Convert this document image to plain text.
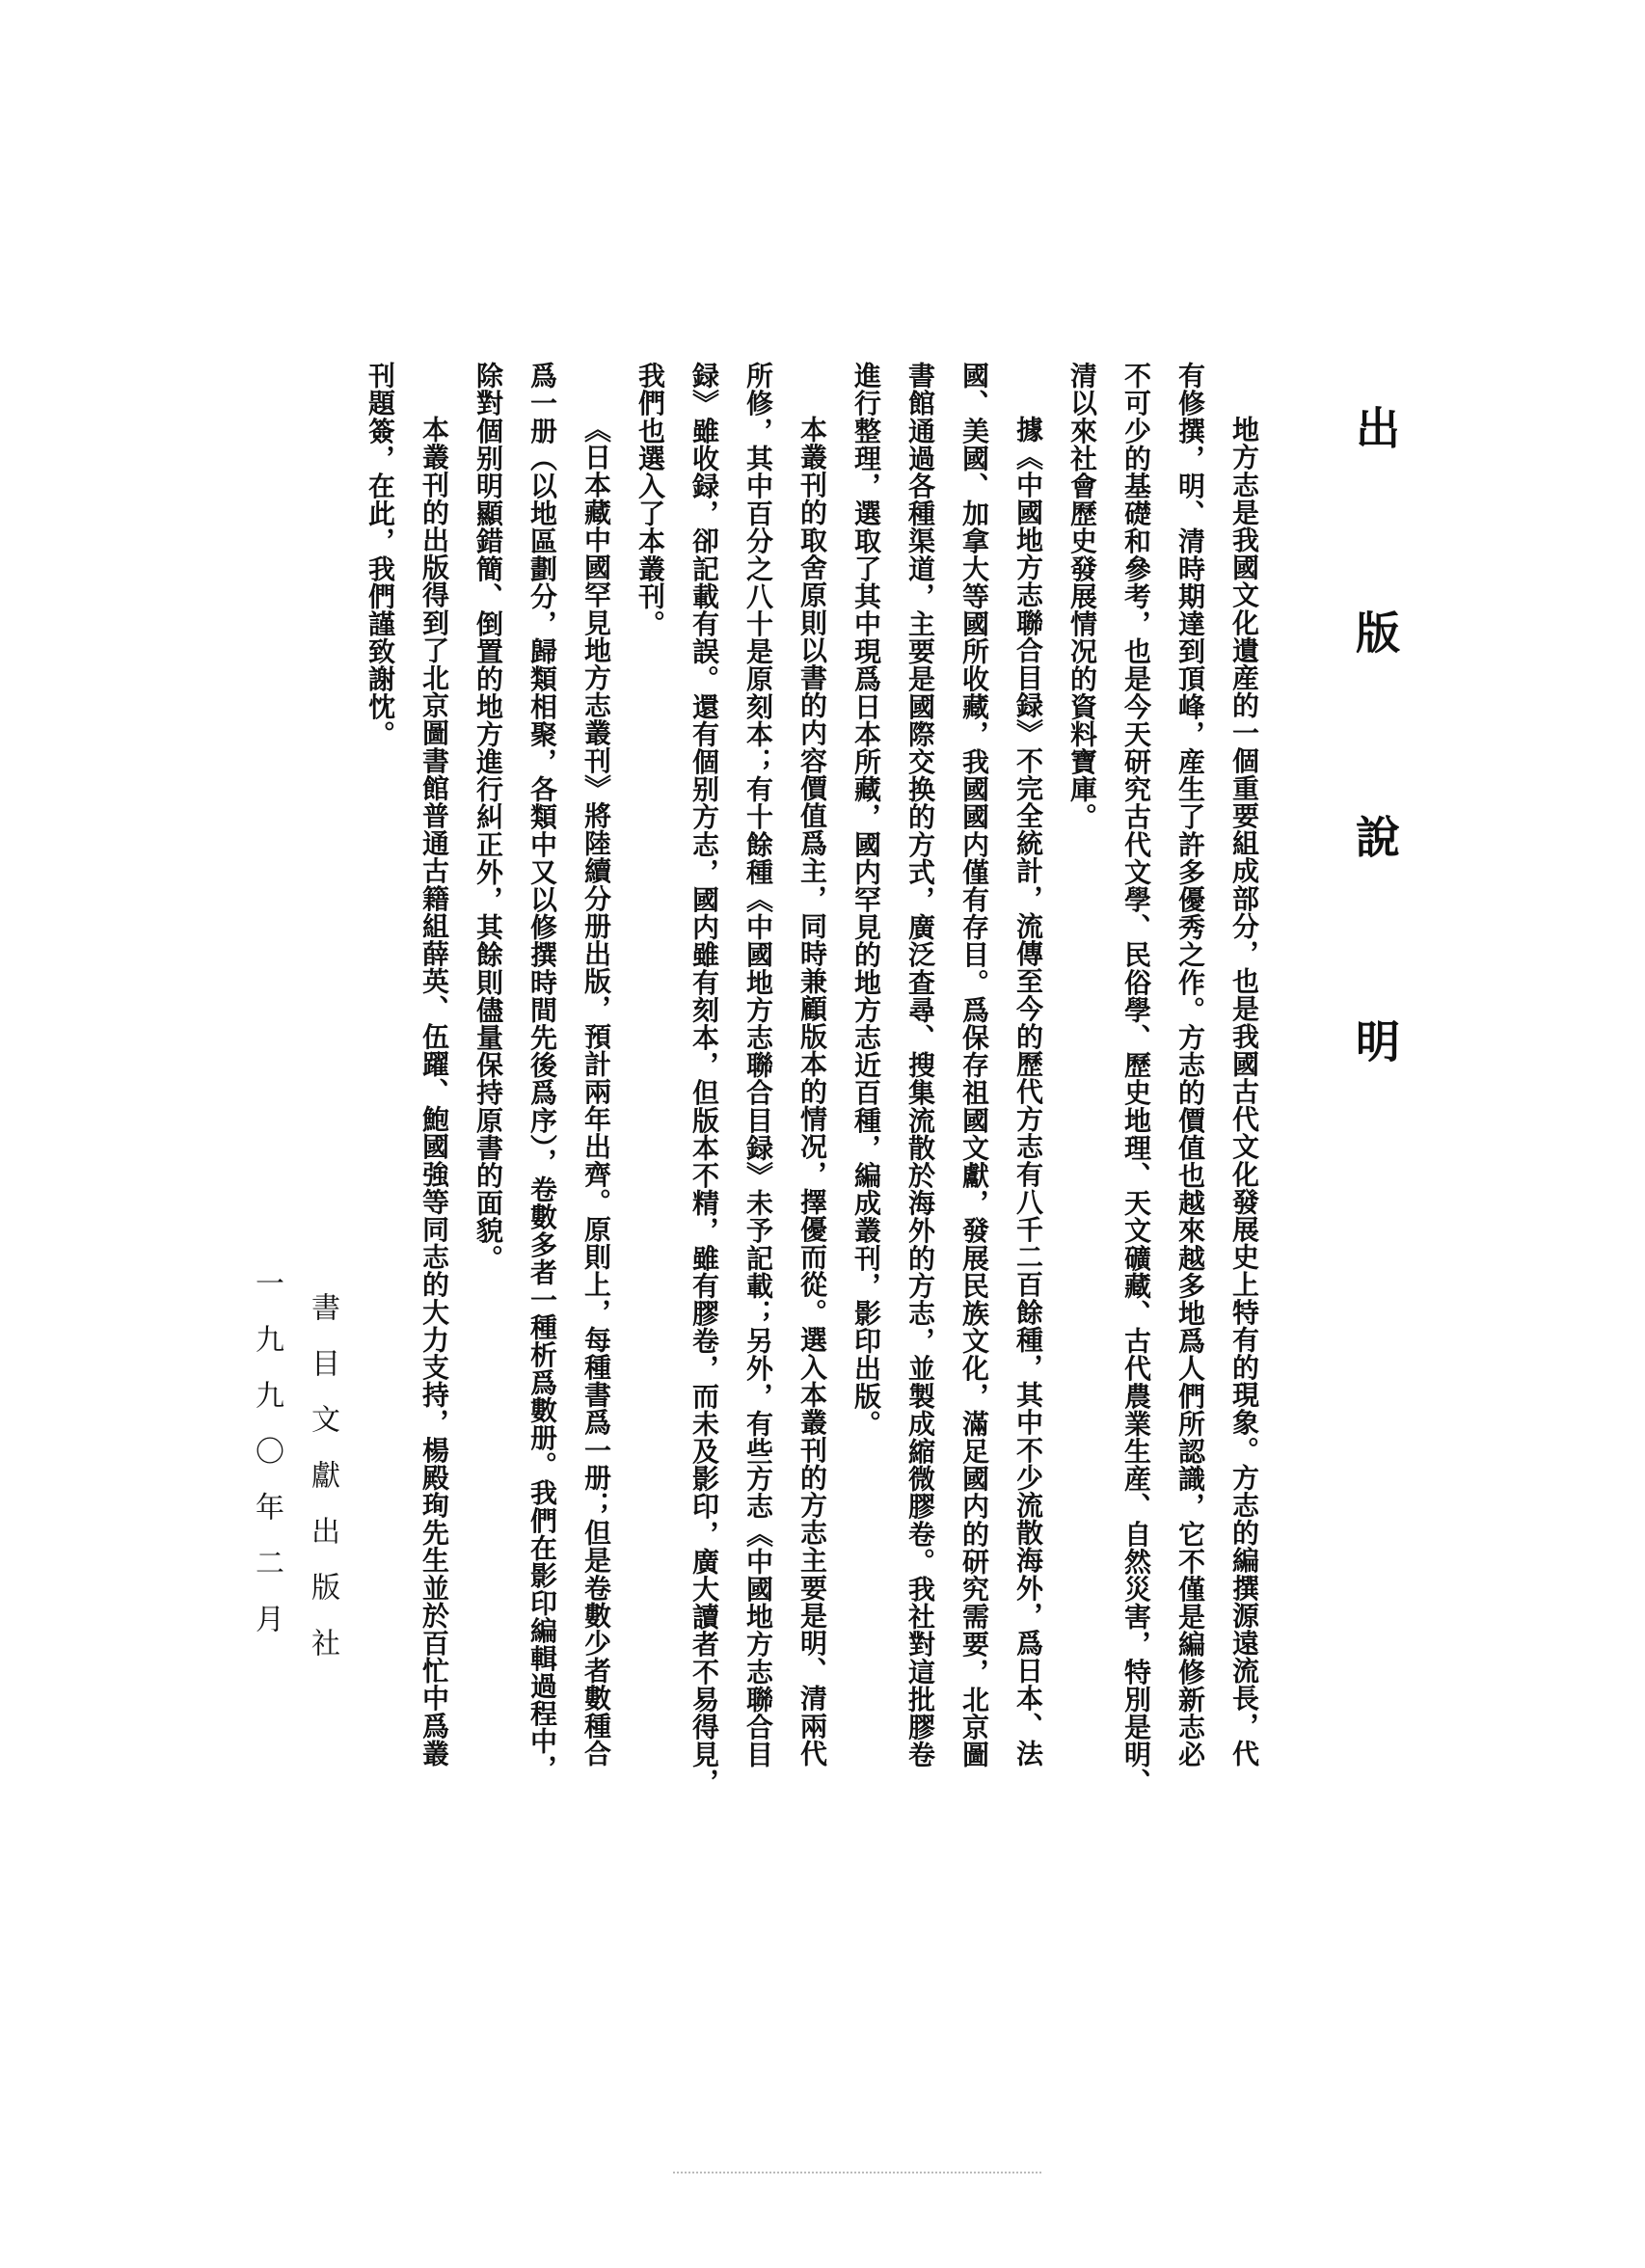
出版說明
地方志是我國文化遺産的一個重要組成部分，也是我國古代文化發展史上特有的現象。方志的編撰源遠流長，代
有修撰，明、清時期達到頂峰，産生了許多優秀之作。方志的價值也越來越多地爲人們所認識，它不僅是編修新志必
不可少的基礎和參考，也是今天研究古代文學、民俗學、歷史地理、天文礦藏、古代農業生産、自然災害，特別是明、
清以來社會歷史發展情况的資料寶庫。
據《中國地方志聯合目録》不完全統計，流傳至今的歷代方志有八千二百餘種，其中不少流散海外，爲日本、法
國、美國、加拿大等國所收藏，我國國内僅有存目。爲保存祖國文獻，發展民族文化，滿足國内的研究需要，北京圖
書館通過各種渠道，主要是國際交换的方式，廣泛查尋、搜集流散於海外的方志，並製成縮微膠卷。我社對這批膠卷
進行整理，選取了其中現爲日本所藏，國内罕見的地方志近百種，編成叢刊，影印出版。
本叢刊的取舍原則以書的内容價值爲主，同時兼顧版本的情况，擇優而從。選入本叢刊的方志主要是明、清兩代
所修，其中百分之八十是原刻本；有十餘種《中國地方志聯合目録》未予記載；另外，有些方志《中國地方志聯合目
録》雖收録，卻記載有誤。還有個别方志，國内雖有刻本，但版本不精，雖有膠卷，而未及影印，廣大讀者不易得見，
我們也選入了本叢刊。
《日本藏中國罕見地方志叢刊》將陸續分册出版，預計兩年出齊。原則上，每種書爲一册；但是卷數少者數種合
爲一册（以地區劃分，歸類相聚，各類中又以修撰時間先後爲序），卷數多者一種析爲數册。我們在影印編輯過程中，
除對個别明顯錯簡、倒置的地方進行糾正外，其餘則儘量保持原書的面貌。
本叢刊的出版得到了北京圖書館普通古籍組薛英、伍躍、鮑國強等同志的大力支持，楊殿珣先生並於百忙中爲叢
刊題簽，在此，我們謹致謝忱。
書目文獻出版社
一九九〇年二月
